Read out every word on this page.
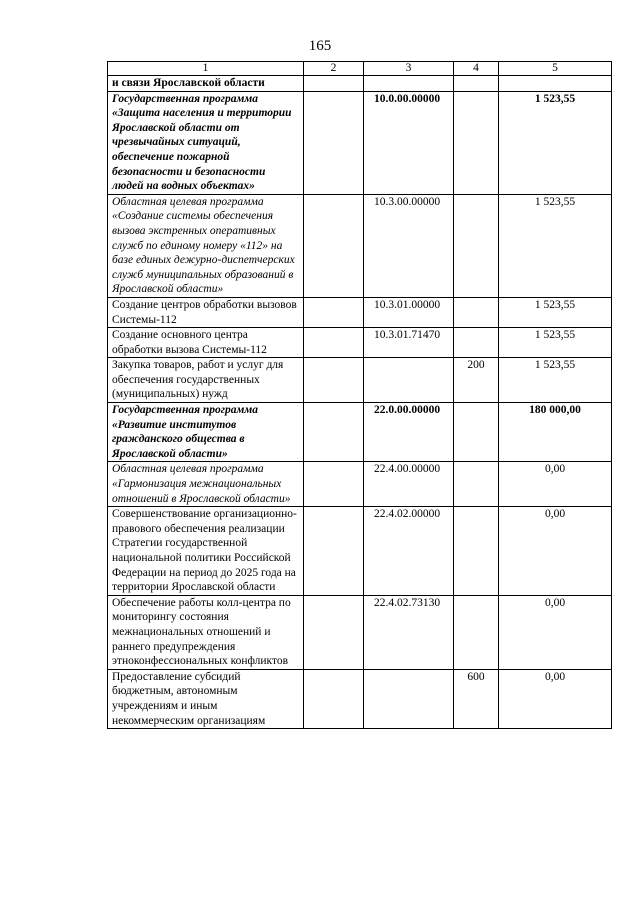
165
1	2	3	4	5
и связи Ярославской области				
Государственная программа «Защита населения и территории Ярославской области от чрезвычайных ситуаций, обеспечение пожарной безопасности и безопасности людей на водных объектах»		10.0.00.00000		1 523,55
Областная целевая программа «Создание системы обеспечения вызова экстренных оперативных служб по единому номеру «112» на базе единых дежурно-диспетчерских служб муниципальных образований в Ярославской области»		10.3.00.00000		1 523,55
Создание центров обработки вызовов Системы-112		10.3.01.00000		1 523,55
Создание основного центра обработки вызова Системы-112		10.3.01.71470		1 523,55
Закупка товаров, работ и услуг для обеспечения государственных (муниципальных) нужд			200	1 523,55
Государственная программа «Развитие институтов гражданского общества в Ярославской области»		22.0.00.00000		180 000,00
Областная целевая программа «Гармонизация межнациональных отношений в Ярославской области»		22.4.00.00000		0,00
Совершенствование организационно-правового обеспечения реализации Стратегии государственной национальной политики Российской Федерации на период до 2025 года на территории Ярославской области		22.4.02.00000		0,00
Обеспечение работы колл-центра по мониторингу состояния межнациональных отношений и раннего предупреждения этноконфессиональных конфликтов		22.4.02.73130		0,00
Предоставление субсидий бюджетным, автономным учреждениям и иным некоммерческим организациям			600	0,00
